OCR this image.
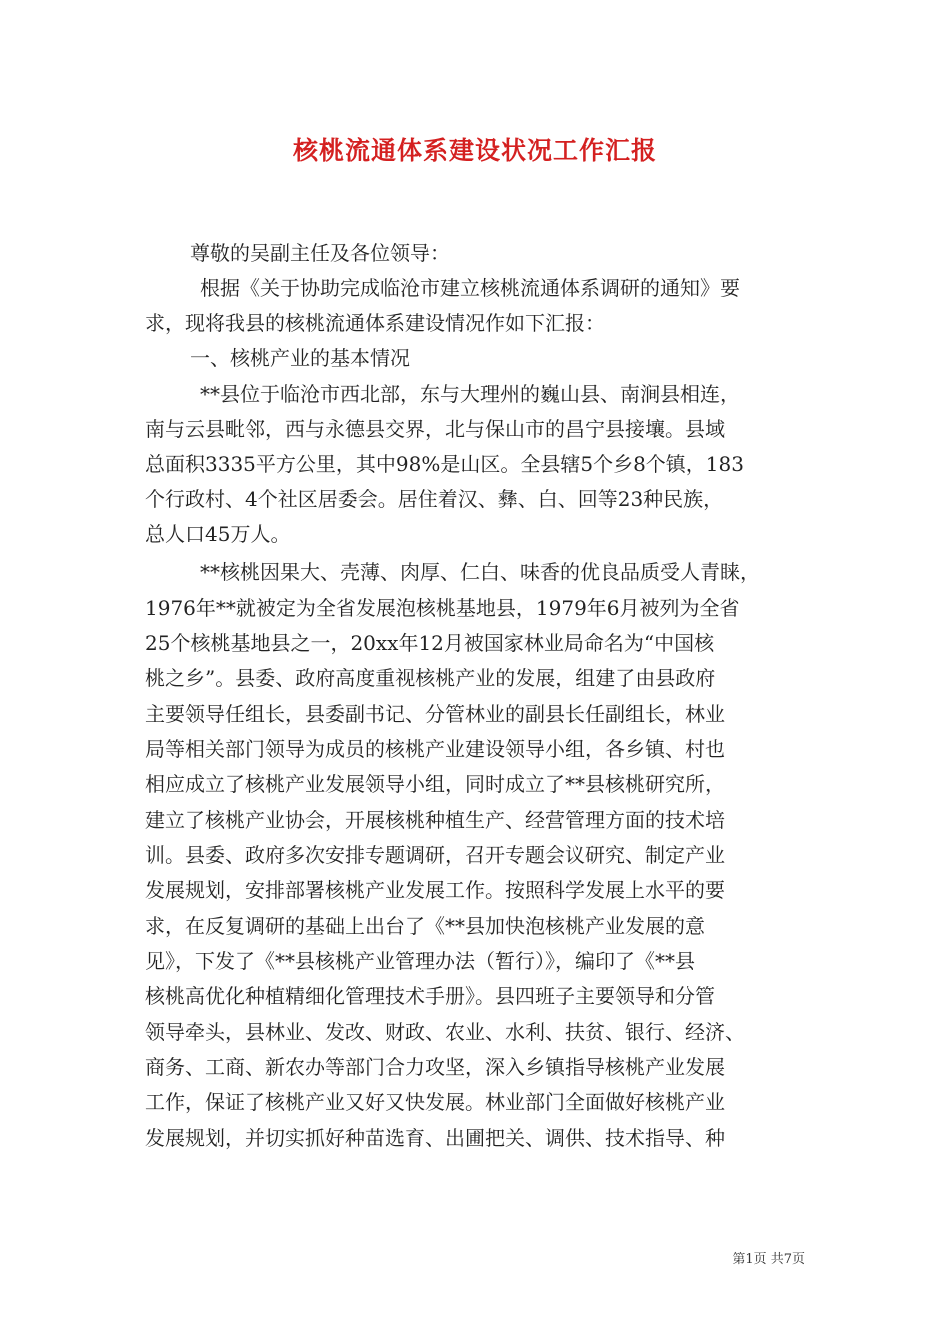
核桃流通体系建设状况工作汇报
尊敬的吴副主任及各位领导：
根据《关于协助完成临沧市建立核桃流通体系调研的通知》要
求，现将我县的核桃流通体系建设情况作如下汇报：
一、核桃产业的基本情况
**县位于临沧市西北部，东与大理州的巍山县、南涧县相连，
南与云县毗邻，西与永德县交界，北与保山市的昌宁县接壤。县域
总面积3335平方公里，其中98%是山区。全县辖5个乡8个镇，183
个行政村、4个社区居委会。居住着汉、彝、白、回等23种民族，
总人口45万人。
**核桃因果大、壳薄、肉厚、仁白、味香的优良品质受人青睐，
1976年**就被定为全省发展泡核桃基地县，1979年6月被列为全省
25个核桃基地县之一，20xx年12月被国家林业局命名为“中国核
桃之乡”。县委、政府高度重视核桃产业的发展，组建了由县政府
主要领导任组长，县委副书记、分管林业的副县长任副组长，林业
局等相关部门领导为成员的核桃产业建设领导小组，各乡镇、村也
相应成立了核桃产业发展领导小组，同时成立了**县核桃研究所，
建立了核桃产业协会，开展核桃种植生产、经营管理方面的技术培
训。县委、政府多次安排专题调研，召开专题会议研究、制定产业
发展规划，安排部署核桃产业发展工作。按照科学发展上水平的要
求，在反复调研的基础上出台了《**县加快泡核桃产业发展的意
见》，下发了《**县核桃产业管理办法（暂行）》，编印了《**县
核桃高优化种植精细化管理技术手册》。县四班子主要领导和分管
领导牵头，县林业、发改、财政、农业、水利、扶贫、银行、经济、
商务、工商、新农办等部门合力攻坚，深入乡镇指导核桃产业发展
工作，保证了核桃产业又好又快发展。林业部门全面做好核桃产业
发展规划，并切实抓好种苗选育、出圃把关、调供、技术指导、种
第1页 共7页
